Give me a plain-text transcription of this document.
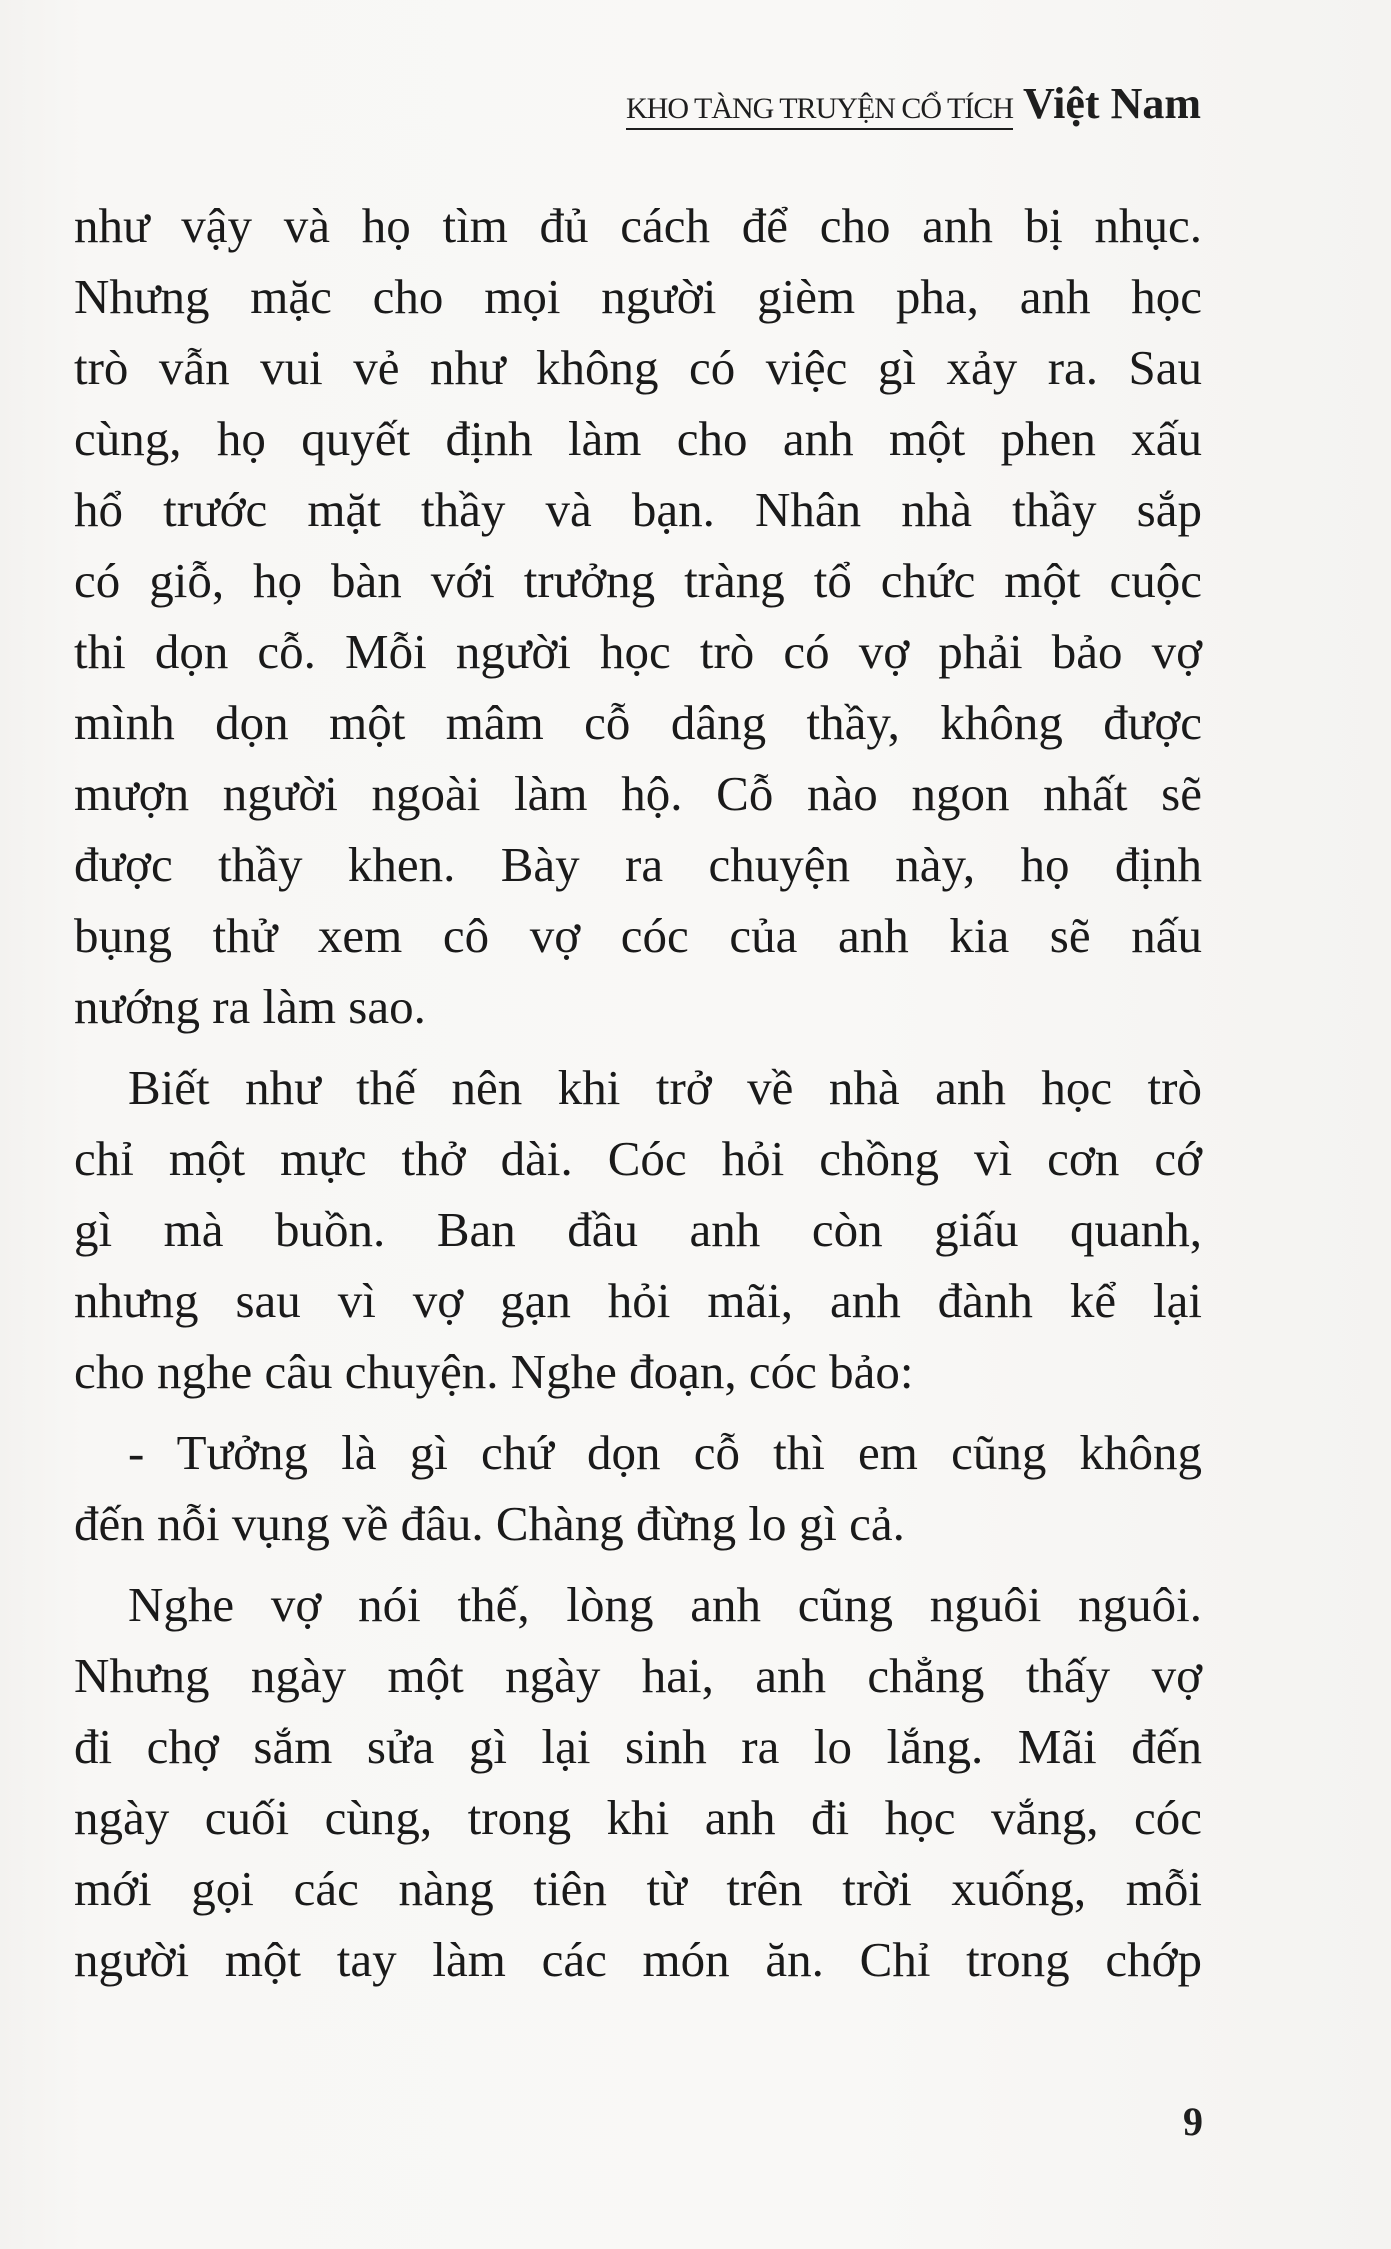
KHO TÀNG TRUYỆN CỔ TÍCH Việt Nam
như vậy và họ tìm đủ cách để cho anh bị nhục.
Nhưng mặc cho mọi người gièm pha, anh học
trò vẫn vui vẻ như không có việc gì xảy ra. Sau
cùng, họ quyết định làm cho anh một phen xấu
hổ trước mặt thầy và bạn. Nhân nhà thầy sắp
có giỗ, họ bàn với trưởng tràng tổ chức một cuộc
thi dọn cỗ. Mỗi người học trò có vợ phải bảo vợ
mình dọn một mâm cỗ dâng thầy, không được
mượn người ngoài làm hộ. Cỗ nào ngon nhất sẽ
được thầy khen. Bày ra chuyện này, họ định
bụng thử xem cô vợ cóc của anh kia sẽ nấu
nướng ra làm sao.
Biết như thế nên khi trở về nhà anh học trò
chỉ một mực thở dài. Cóc hỏi chồng vì cơn cớ
gì mà buồn. Ban đầu anh còn giấu quanh,
nhưng sau vì vợ gạn hỏi mãi, anh đành kể lại
cho nghe câu chuyện. Nghe đoạn, cóc bảo:
- Tưởng là gì chứ dọn cỗ thì em cũng không
đến nỗi vụng về đâu. Chàng đừng lo gì cả.
Nghe vợ nói thế, lòng anh cũng nguôi nguôi.
Nhưng ngày một ngày hai, anh chẳng thấy vợ
đi chợ sắm sửa gì lại sinh ra lo lắng. Mãi đến
ngày cuối cùng, trong khi anh đi học vắng, cóc
mới gọi các nàng tiên từ trên trời xuống, mỗi
người một tay làm các món ăn. Chỉ trong chớp
9
